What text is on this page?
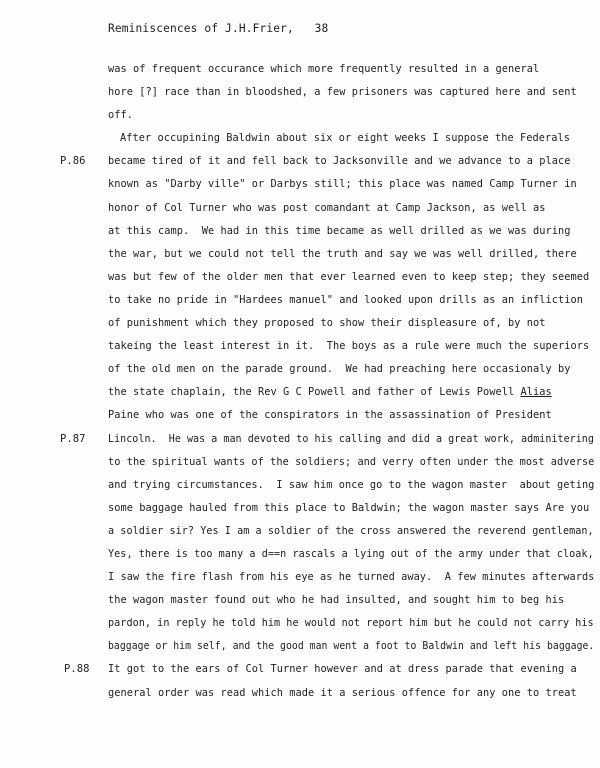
Reminiscences of J.H.Frier, 38
was of frequent occurance which more frequently resulted in a general
hore [?] race than in bloodshed, a few prisoners was captured here and sent
off.
After occupining Baldwin about six or eight weeks I suppose the Federals
P.86 became tired of it and fell back to Jacksonville and we advance to a place
known as "Darby ville" or Darbys still; this place was named Camp Turner in
honor of Col Turner who was post comandant at Camp Jackson, as well as
at this camp.  We had in this time became as well drilled as we was during
the war, but we could not tell the truth and say we was well drilled, there
was but few of the older men that ever learned even to keep step; they seemed
to take no pride in "Hardees manuel" and looked upon drills as an infliction
of punishment which they proposed to show their displeasure of, by not
takeing the least interest in it.  The boys as a rule were much the superiors
of the old men on the parade ground.  We had preaching here occasionaly by
the state chaplain, the Rev G C Powell and father of Lewis Powell Alias
Paine who was one of the conspirators in the assassination of President
P.87 Lincoln.  He was a man devoted to his calling and did a great work, adminitering
to the spiritual wants of the soldiers; and verry often under the most adverse
and trying circumstances.  I saw him once go to the wagon master  about geting
some baggage hauled from this place to Baldwin; the wagon master says Are you
a soldier sir? Yes I am a soldier of the cross answered the reverend gentleman,
Yes, there is too many a d==n rascals a lying out of the army under that cloak,
I saw the fire flash from his eye as he turned away.  A few minutes afterwards
the wagon master found out who he had insulted, and sought him to beg his
pardon, in reply he told him he would not report him but he could not carry his
baggage or him self, and the good man went a foot to Baldwin and left his baggage.
P.88 It got to the ears of Col Turner however and at dress parade that evening a
general order was read which made it a serious offence for any one to treat
